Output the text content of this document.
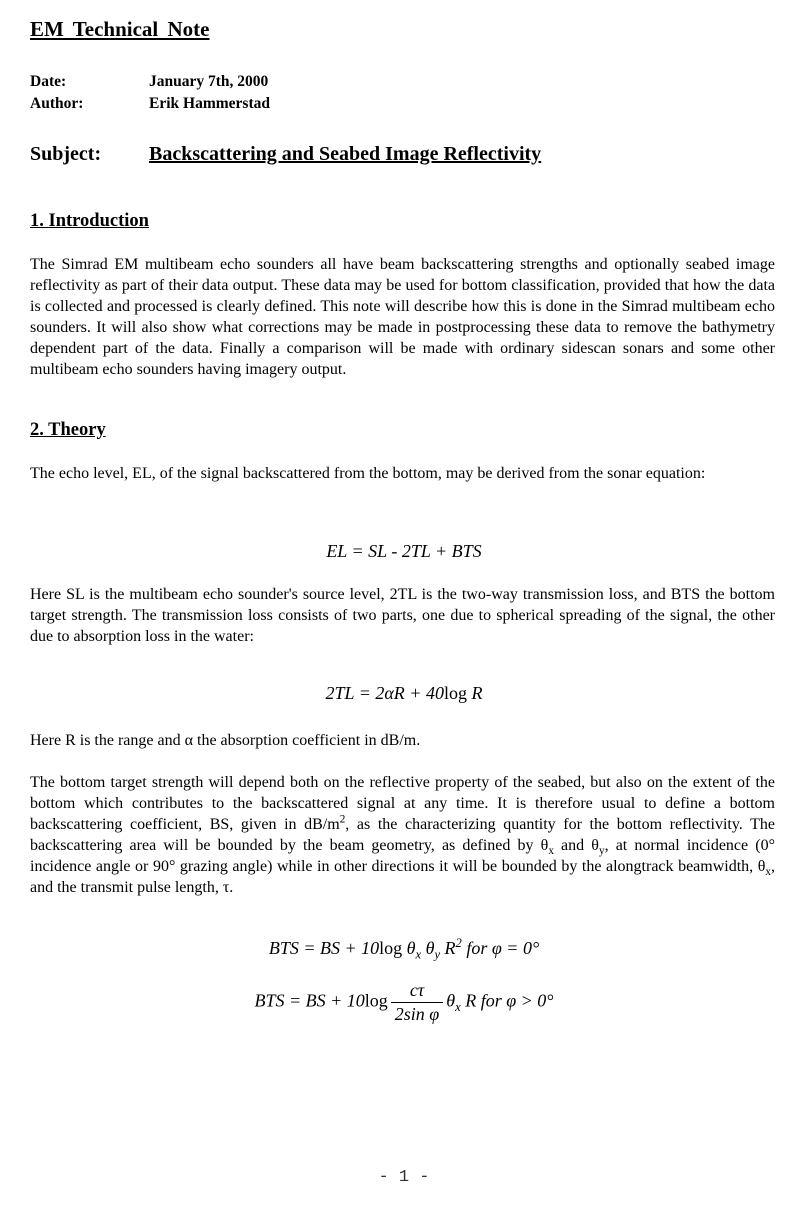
EM Technical Note
Date:	January 7th, 2000
Author:	Erik Hammerstad
Subject: Backscattering and Seabed Image Reflectivity
1. Introduction

The Simrad EM multibeam echo sounders all have beam backscattering strengths and optionally seabed image reflectivity as part of their data output. These data may be used for bottom classification, provided that how the data is collected and processed is clearly defined. This note will describe how this is done in the Simrad multibeam echo sounders. It will also show what corrections may be made in postprocessing these data to remove the bathymetry dependent part of the data. Finally a comparison will be made with ordinary sidescan sonars and some other multibeam echo sounders having imagery output.

2. Theory

The echo level, EL, of the signal backscattered from the bottom, may be derived from the sonar equation:

EL = SL - 2TL + BTS

Here SL is the multibeam echo sounder's source level, 2TL is the two-way transmission loss, and BTS the bottom target strength. The transmission loss consists of two parts, one due to spherical spreading of the signal, the other due to absorption loss in the water:

2TL = 2αR + 40log R

Here R is the range and α the absorption coefficient in dB/m.

The bottom target strength will depend both on the reflective property of the seabed, but also on the extent of the bottom which contributes to the backscattered signal at any time. It is therefore usual to define a bottom backscattering coefficient, BS, given in $dB/m^2$, as the characterizing quantity for the bottom reflectivity. The backscattering area will be bounded by the beam geometry, as defined by $\theta_x$ and $\theta_y$, at normal incidence (0° incidence angle or 90° grazing angle) while in other directions it will be bounded by the alongtrack beamwidth, $\theta_x$, and the transmit pulse length, τ.

BTS = BS + 10log $\theta_x$ $\theta_y$ $R^2$ for φ = 0°
BTS = BS + $10\log \frac{c\tau}{\text{2sin φ}} \theta_x$ R for φ > 0°
- 1 -
